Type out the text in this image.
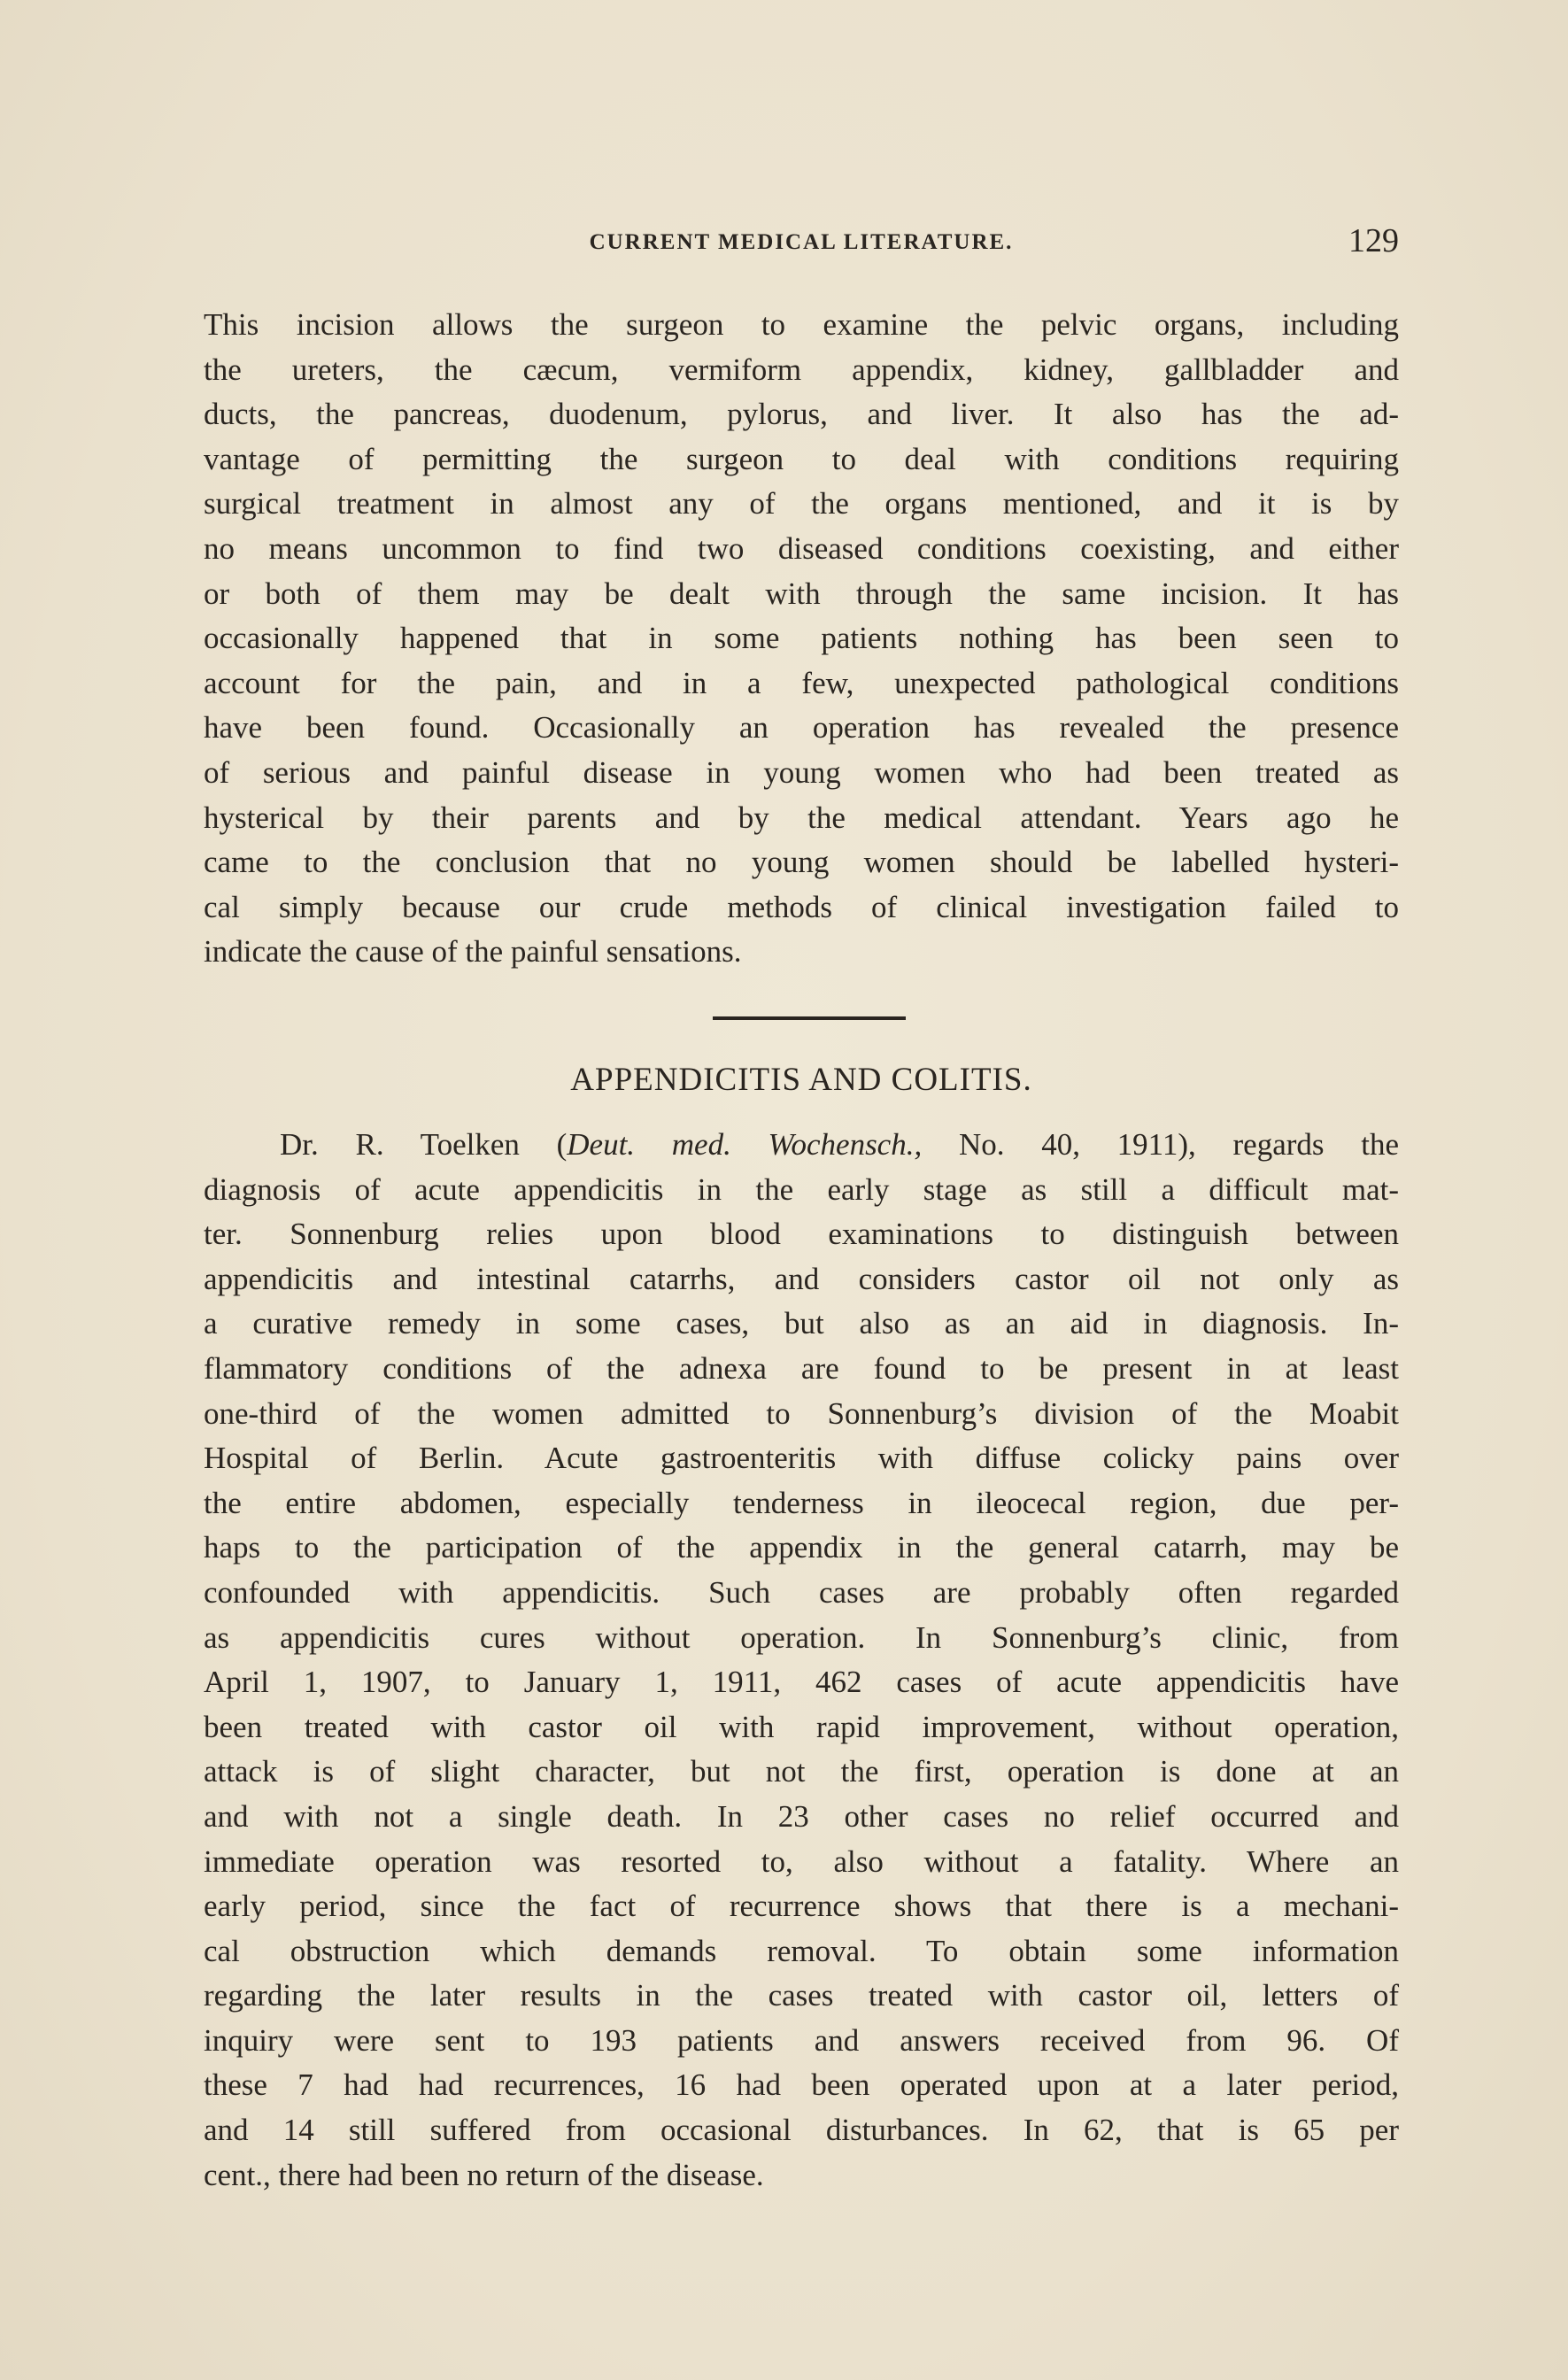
CURRENT MEDICAL LITERATURE.	129
This incision allows the surgeon to examine the pelvic organs, including
the ureters, the cæcum, vermiform appendix, kidney, gallbladder and
ducts, the pancreas, duodenum, pylorus, and liver. It also has the ad-
vantage of permitting the surgeon to deal with conditions requiring
surgical treatment in almost any of the organs mentioned, and it is by
no means uncommon to find two diseased conditions coexisting, and either
or both of them may be dealt with through the same incision. It has
occasionally happened that in some patients nothing has been seen to
account for the pain, and in a few, unexpected pathological conditions
have been found. Occasionally an operation has revealed the presence
of serious and painful disease in young women who had been treated as
hysterical by their parents and by the medical attendant. Years ago he
came to the conclusion that no young women should be labelled hysteri-
cal simply because our crude methods of clinical investigation failed to
indicate the cause of the painful sensations.
APPENDICITIS AND COLITIS.
Dr. R. Toelken (Deut. med. Wochensch., No. 40, 1911), regards the
diagnosis of acute appendicitis in the early stage as still a difficult mat-
ter. Sonnenburg relies upon blood examinations to distinguish between
appendicitis and intestinal catarrhs, and considers castor oil not only as
a curative remedy in some cases, but also as an aid in diagnosis. In-
flammatory conditions of the adnexa are found to be present in at least
one-third of the women admitted to Sonnenburg’s division of the Moabit
Hospital of Berlin. Acute gastroenteritis with diffuse colicky pains over
the entire abdomen, especially tenderness in ileocecal region, due per-
haps to the participation of the appendix in the general catarrh, may be
confounded with appendicitis. Such cases are probably often regarded
as appendicitis cures without operation. In Sonnenburg’s clinic, from
April 1, 1907, to January 1, 1911, 462 cases of acute appendicitis have
been treated with castor oil with rapid improvement, without operation,
attack is of slight character, but not the first, operation is done at an
and with not a single death. In 23 other cases no relief occurred and
immediate operation was resorted to, also without a fatality. Where an
early period, since the fact of recurrence shows that there is a mechani-
cal obstruction which demands removal. To obtain some information
regarding the later results in the cases treated with castor oil, letters of
inquiry were sent to 193 patients and answers received from 96. Of
these 7 had had recurrences, 16 had been operated upon at a later period,
and 14 still suffered from occasional disturbances. In 62, that is 65 per
cent., there had been no return of the disease.
